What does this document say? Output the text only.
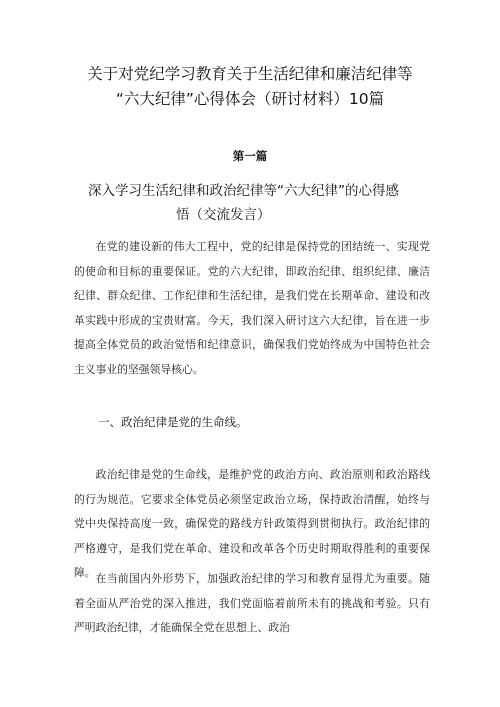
关于对党纪学习教育关于生活纪律和廉洁纪律等
“六大纪律”心得体会（研讨材料）10篇
第一篇
深入学习生活纪律和政治纪律等“六大纪律”的心得感
悟（交流发言）

在党的建设新的伟大工程中，党的纪律是保持党的团结统一、实现党的使命和目标的重要保证。党的六大纪律，即政治纪律、组织纪律、廉洁纪律、群众纪律、工作纪律和生活纪律，是我们党在长期革命、建设和改革实践中形成的宝贵财富。今天，我们深入研讨这六大纪律，旨在进一步提高全体党员的政治觉悟和纪律意识，确保我们党始终成为中国特色社会主义事业的坚强领导核心。

一、政治纪律是党的生命线。

政治纪律是党的生命线，是维护党的政治方向、政治原则和政治路线的行为规范。它要求全体党员必须坚定政治立场，保持政治清醒，始终与党中央保持高度一致，确保党的路线方针政策得到贯彻执行。政治纪律的严格遵守，是我们党在革命、建设和改革各个历史时期取得胜利的重要保障。 在当前国内外形势下，加强政治纪律的学习和教育显得尤为重要。随着全面从严治党的深入推进，我们党面临着前所未有的挑战和考验。只有严明政治纪律，才能确保全党在思想上、政治
